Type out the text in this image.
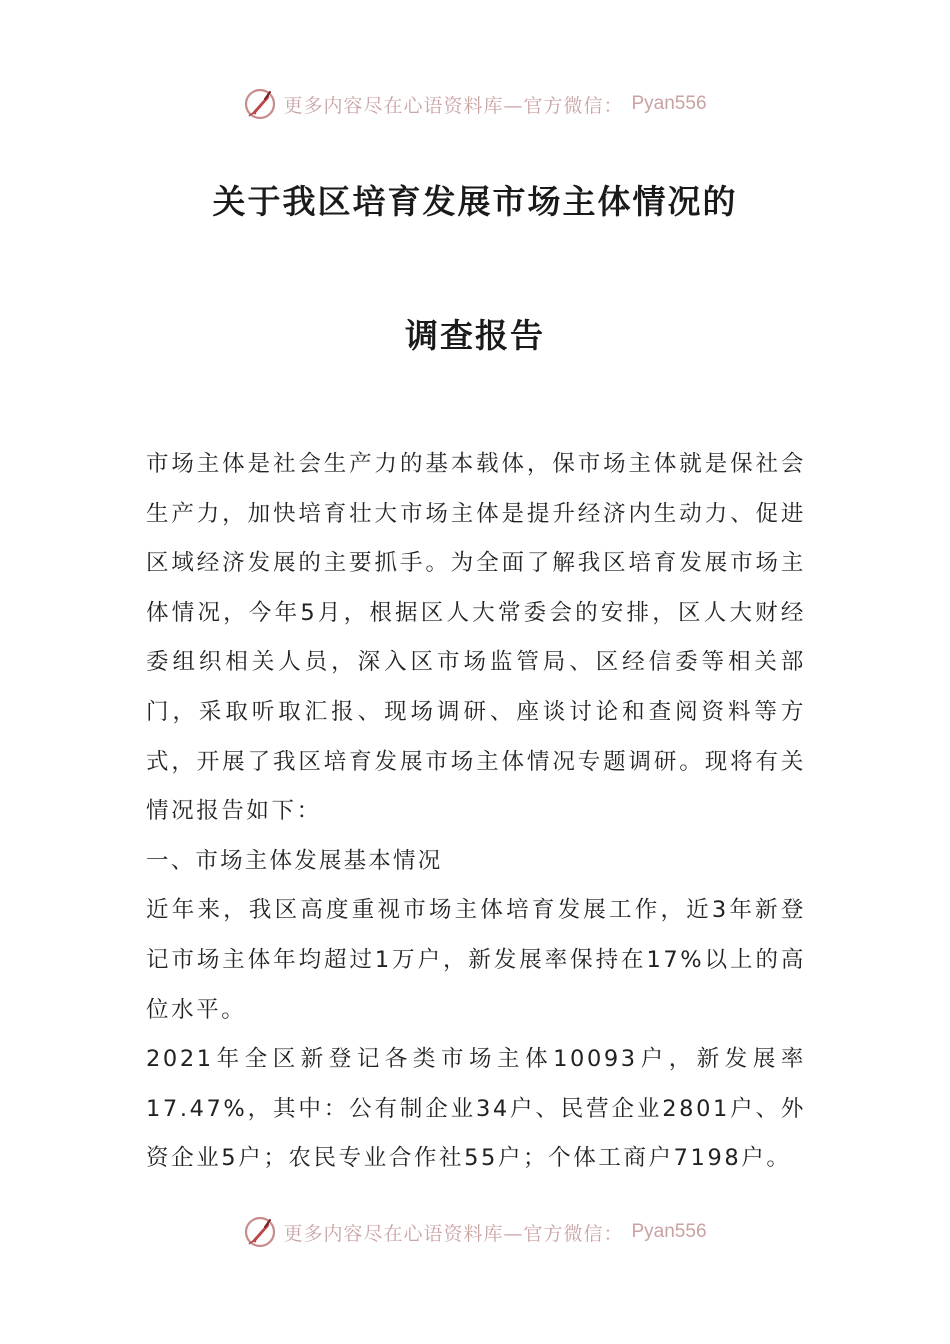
更多内容尽在心语资料库—官方微信： Pyan556
关于我区培育发展市场主体情况的
调查报告

市场主体是社会生产力的基本载体，保市场主体就是保社会生产力，加快培育壮大市场主体是提升经济内生动力、促进区域经济发展的主要抓手。为全面了解我区培育发展市场主体情况，今年5月，根据区人大常委会的安排，区人大财经委组织相关人员，深入区市场监管局、区经信委等相关部门，采取听取汇报、现场调研、座谈讨论和查阅资料等方式，开展了我区培育发展市场主体情况专题调研。现将有关情况报告如下：

一、市场主体发展基本情况

近年来，我区高度重视市场主体培育发展工作，近3年新登记市场主体年均超过1万户，新发展率保持在17%以上的高位水平。

2021年全区新登记各类市场主体10093户，新发展率17.47%，其中：公有制企业34户、民营企业2801户、外资企业5户；农民专业合作社55户；个体工商户7198户。

更多内容尽在心语资料库—官方微信： Pyan556
